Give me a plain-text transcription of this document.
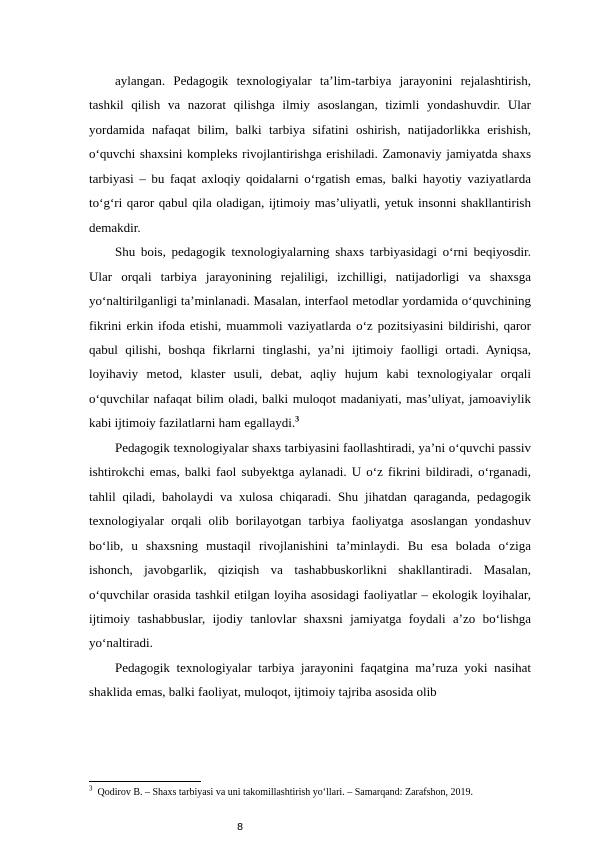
aylangan. Pedagogik texnologiyalar ta’lim-tarbiya jarayonini rejalashtirish, tashkil qilish va nazorat qilishga ilmiy asoslangan, tizimli yondashuvdir. Ular yordamida nafaqat bilim, balki tarbiya sifatini oshirish, natijadorlikka erishish, o‘quvchi shaxsini kompleks rivojlantirishga erishiladi. Zamonaviy jamiyatda shaxs tarbiyasi – bu faqat axloqiy qoidalarni o‘rgatish emas, balki hayotiy vaziyatlarda to‘g‘ri qaror qabul qila oladigan, ijtimoiy mas’uliyatli, yetuk insonni shakllantirish demakdir.

Shu bois, pedagogik texnologiyalarning shaxs tarbiyasidagi o‘rni beqiyosdir. Ular orqali tarbiya jarayonining rejaliligi, izchilligi, natijadorligi va shaxsga yo‘naltirilganligi ta’minlanadi. Masalan, interfaol metodlar yordamida o‘quvchining fikrini erkin ifoda etishi, muammoli vaziyatlarda o‘z pozitsiyasini bildirishi, qaror qabul qilishi, boshqa fikrlarni tinglashi, ya’ni ijtimoiy faolligi ortadi. Ayniqsa, loyihaviy metod, klaster usuli, debat, aqliy hujum kabi texnologiyalar orqali o‘quvchilar nafaqat bilim oladi, balki muloqot madaniyati, mas’uliyat, jamoaviylik kabi ijtimoiy fazilatlarni ham egallaydi.$^3$

Pedagogik texnologiyalar shaxs tarbiyasini faollashtiradi, ya’ni o‘quvchi passiv ishtirokchi emas, balki faol subyektga aylanadi. U o‘z fikrini bildiradi, o‘rganadi, tahlil qiladi, baholaydi va xulosa chiqaradi. Shu jihatdan qaraganda, pedagogik texnologiyalar orqali olib borilayotgan tarbiya faoliyatga asoslangan yondashuv bo‘lib, u shaxsning mustaqil rivojlanishini ta’minlaydi. Bu esa bolada o‘ziga ishonch, javobgarlik, qiziqish va tashabbuskorlikni shakllantiradi. Masalan, o‘quvchilar orasida tashkil etilgan loyiha asosidagi faoliyatlar – ekologik loyihalar, ijtimoiy tashabbuslar, ijodiy tanlovlar shaxsni jamiyatga foydali a’zo bo‘lishga yo‘naltiradi.

Pedagogik texnologiyalar tarbiya jarayonini faqatgina ma’ruza yoki nasihat shaklida emas, balki faoliyat, muloqot, ijtimoiy tajriba asosida olib

$^3$ Qodirov B. – Shaxs tarbiyasi va uni takomillashtirish yo‘llari. – Samarqand: Zarafshon, 2019.

8
